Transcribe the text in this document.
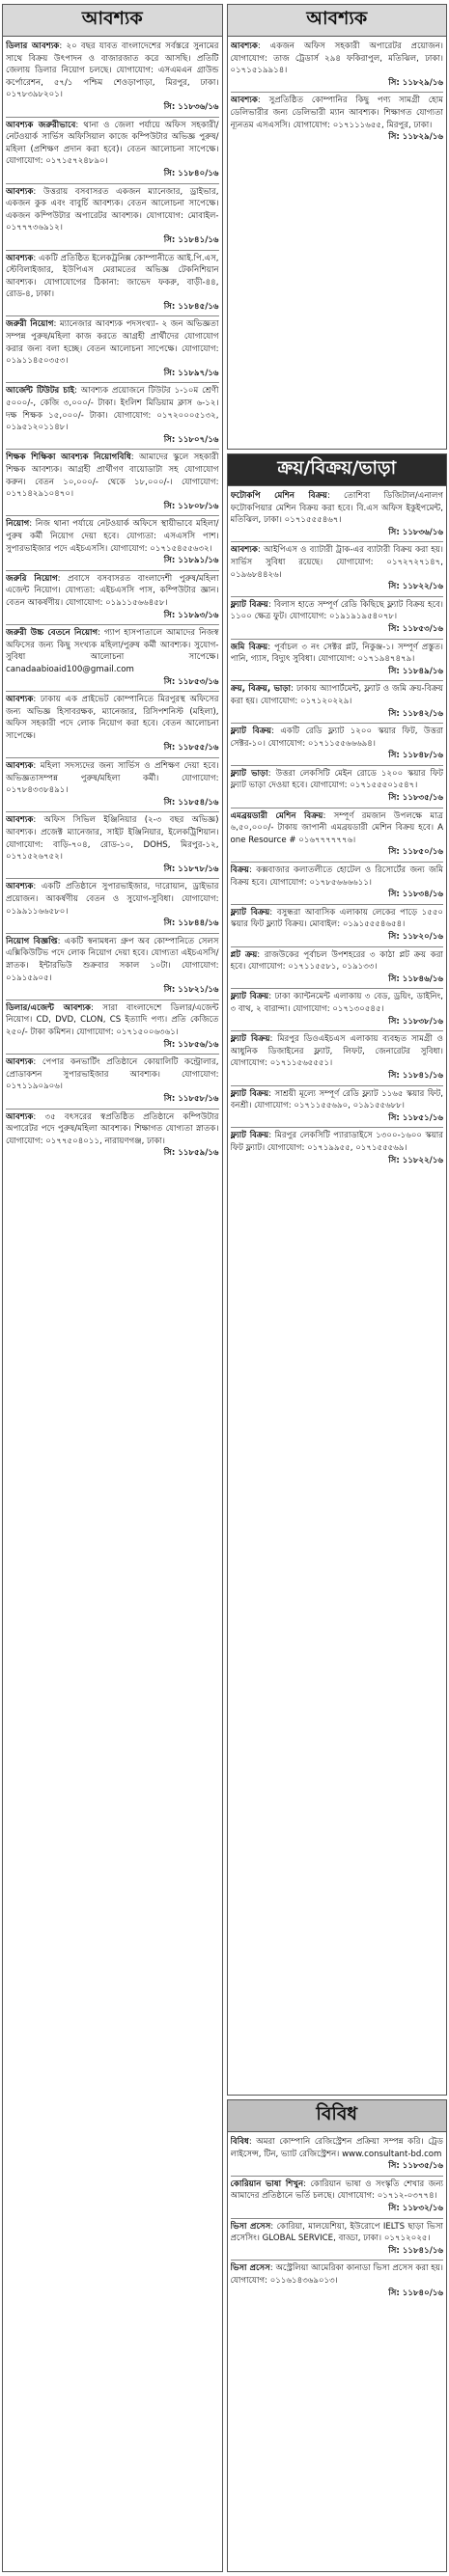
আবশ্যক
ডিলার আবশ্যক: ২০ বছর যাবত বাংলাদেশের সর্বস্তরে সুনামের সাথে বিক্রয় উৎপাদন ও বাজারজাত করে আসছি। প্রতিটি জেলায় ডিলার নিয়োগ চলছে। যোগাযোগ: এসএমএন গ্রাউন্ড কর্পোরেশন, ৫৭/১ পশ্চিম শেওড়াপাড়া, মিরপুর, ঢাকা। ০১৭৮৩৯৮২০১।
সি: ১১৮৩৬/১৬
আবশ্যক জরুরীভাবে: থানা ও জেলা পর্যায়ে অফিস সহকারী/নেটওয়ার্ক সার্ভিস অফিসিয়াল কাজে কম্পিউটার অভিজ্ঞ পুরুষ/মহিলা (প্রশিক্ষণ প্রদান করা হবে)। বেতন আলোচনা সাপেক্ষে। যোগাযোগ: ০১৭১৫৭২৪৮৯০।
সি: ১১৮৪০/১৬
আবশ্যক: উত্তরায় বসবাসরত একজন ম্যানেজার, ড্রাইভার, একজন কুক এবং বাবুর্চি আবশ্যক। বেতন আলোচনা সাপেক্ষে। একজন কম্পিউটার অপারেটর আবশ্যক। যোগাযোগ: মোবাইল- ০১৭৭৭৩৬৯১২।
সি: ১১৮৪১/১৬
আবশ্যক: একটি প্রতিষ্ঠিত ইলেকট্রনিক্স কোম্পানীতে আই.পি.এস, স্টেবিলাইজার, ইউপিএস মেরামতের অভিজ্ঞ টেকনিশিয়ান আবশ্যক। যোগাযোগের ঠিকানা: জাভেদ ফকরু, বাড়ী-৪৪, রোড-৪, ঢাকা।
সি: ১১৮৪৫/১৬
জরুরী নিয়োগ: ম্যানেজার আবশ্যক পদসংখ্যা- ২ জন অভিজ্ঞতা সম্পন্ন পুরুষ/মহিলা কাজ করতে আগ্রহী প্রার্থীদের যোগাযোগ করার জন্য বলা হচ্ছে। বেতন আলোচনা সাপেক্ষে। যোগাযোগ: ০১৯১১৪৫০৩৫৩।
সি: ১১৮৯৭/১৬
আর্জেন্ট টিউটর চাই: আবশ্যক প্রয়োজনে টিউটর ১-১০ম শ্রেণী ৫০০০/-, কেজি ৩,০০০/- টাকা। ইংলিশ মিডিয়াম ক্লাস ৬-১২। দক্ষ শিক্ষক ১৫,০০০/- টাকা। যোগাযোগ: ০১৭২০০০৫১৩২, ০১৯৫১২০১১৪৮।
সি: ১১৮০৭/১৬
শিক্ষক শিক্ষিকা আবশ্যক নিয়োগবিধি: আমাদের স্কুলে সহকারী শিক্ষক আবশ্যক। আগ্রহী প্রার্থীগণ বায়োডাটা সহ যোগাযোগ করুন। বেতন ১০,০০০/- থেকে ১৮,০০০/-। যোগাযোগ: ০১৭১৪২৯১০৪৭০।
সি: ১১৮০৮/১৬
নিয়োগ: নিজ থানা পর্যায়ে নেটওয়ার্ক অফিসে স্থায়ীভাবে মহিলা/পুরুষ কর্মী নিয়োগ দেয়া হবে। যোগ্যতা: এসএসসি পাশ। সুপারভাইজার পদে এইচএসসি। যোগাযোগ: ০১৭১৫৪৫৫৬৩২।
সি: ১১৮৯১/১৬
জরুরি নিয়োগ: প্রবাসে বসবাসরত বাংলাদেশী পুরুষ/মহিলা এজেন্ট নিয়োগ। যোগ্যতা: এইচএসসি পাস, কম্পিউটার জ্ঞান। বেতন আকর্ষণীয়। যোগাযোগ: ০১৯১১৫৬৬৪৫৮।
সি: ১১৮৯৩/১৬
জরুরী উচ্চ বেতনে নিয়োগ: গ্যাপ হাসপাতালে আমাদের নিজস্ব অফিসের জন্য কিছু সংখ্যক মহিলা/পুরুষ কর্মী আবশ্যক। সুযোগ-সুবিধা আলোচনা সাপেক্ষে। canadaabioaid100@gmail.com
সি: ১১৮৫৩/১৬
আবশ্যক: ঢাকায় এক প্রাইভেট কোম্পানিতে মিরপুরস্থ অফিসের জন্য অভিজ্ঞ হিসাবরক্ষক, ম্যানেজার, রিসিপশনিস্ট (মহিলা), অফিস সহকারী পদে লোক নিয়োগ করা হবে। বেতন আলোচনা সাপেক্ষে।
সি: ১১৮৫৫/১৬
আবশ্যক: মহিলা সদস্যদের জন্য সার্ভিস ও প্রশিক্ষণ দেয়া হবে। অভিজ্ঞতাসম্পন্ন পুরুষ/মহিলা কর্মী। যোগাযোগ: ০১৭৮৪৩৩৮৪৯১।
সি: ১১৮৫৪/১৬
আবশ্যক: অফিস সিভিল ইঞ্জিনিয়ার (২-৩ বছর অভিজ্ঞ) আবশ্যক। প্রজেক্ট ম্যানেজার, সাইট ইঞ্জিনিয়ার, ইলেকট্রিশিয়ান। যোগাযোগ: বাড়ি-৭০৪, রোড-১০, DOHS, মিরপুর-১২, ০১৭১৫২৬৭৫২।
সি: ১১৮৭৮/১৬
আবশ্যক: একটি প্রতিষ্ঠানে সুপারভাইজার, দারোয়ান, ড্রাইভার প্রয়োজন। আকর্ষণীয় বেতন ও সুযোগ-সুবিধা। যোগাযোগ: ০১৯৯১১৬৬৫৮০।
সি: ১১৮৪৪/১৬
নিয়োগ বিজ্ঞপ্তি: একটি স্বনামধন্য গ্রুপ অব কোম্পানিতে সেলস এক্সিকিউটিভ পদে লোক নিয়োগ দেয়া হবে। যোগ্যতা এইচএসসি/স্নাতক। ইন্টারভিউ শুক্রবার সকাল ১০টা। যোগাযোগ: ০১৯১৫৯০৫।
সি: ১১৮২১/১৬
ডিলার/এজেন্ট আবশ্যক: সারা বাংলাদেশে ডিলার/এজেন্ট নিয়োগ। CD, DVD, CLON, CS ইত্যাদি পণ্য। প্রতি কেজিতে ২৫০/- টাকা কমিশন। যোগাযোগ: ০১৭১৫০০৬৩৬১।
সি: ১১৮৫৬/১৬
আবশ্যক: পেপার কনভার্টিং প্রতিষ্ঠানে কোয়ালিটি কন্ট্রোলার, প্রোডাকশন সুপারভাইজার আবশ্যক। যোগাযোগ: ০১৭১১৯০৯০৬।
সি: ১১৮৫৮/১৬
আবশ্যক: ৩৫ বৎসরের স্বপ্রতিষ্ঠিত প্রতিষ্ঠানে কম্পিউটার অপারেটর পদে পুরুষ/মহিলা আবশ্যক। শিক্ষাগত যোগ্যতা স্নাতক। যোগাযোগ: ০১৭৭৫০৪০১১, নারায়ণগঞ্জ, ঢাকা।
সি: ১১৮৫৯/১৬
আবশ্যক
আবশ্যক: একজন অফিস সহকারী অপারেটর প্রয়োজন। যোগাযোগ: তাজ ট্রেডার্স ২৯৪ ফকিরাপুল, মতিঝিল, ঢাকা। ০১৭১৫১৯৯১৪।
সি: ১১৮২৯/১৬
আবশ্যক: সুপ্রতিষ্ঠিত কোম্পানির কিছু পণ্য সামগ্রী হোম ডেলিভারীর জন্য ডেলিভারী ম্যান আবশ্যক। শিক্ষাগত যোগ্যতা ন্যূনতম এসএসসি। যোগাযোগ: ০১৭১১১৬৫৫, মিরপুর, ঢাকা।
সি: ১১৮২৯/১৬
ক্রয়/বিক্রয়/ভাড়া
ফটোকপি মেশিন বিক্রয়: তোশিবা ডিজিটাল/এনালগ ফটোকপিয়ার মেশিন বিক্রয় করা হবে। বি.এস অফিস ইকুইপমেন্ট, মতিঝিল, ঢাকা। ০১৭১৫৫৫৪৬৭।
সি: ১১৮৩৬/১৬
আবশ্যক: আইপিএস ও ব্যাটারী ট্রাক-এর ব্যাটারী বিক্রয় করা হয়। সার্ভিস সুবিধা রয়েছে। যোগাযোগ: ০১৭২৭২৭১৪৭, ০১৯৬৮৪৪২৬।
সি: ১১৮২২/১৬
ফ্ল্যাট বিক্রয়: বিলাস হাতে সম্পূর্ণ রেডি কিছিছে ফ্ল্যাট বিক্রয় হবে। ১১০০ ক্ষেত্র ফুট। যোগাযোগ: ০১৯১৯১৯৫৪০৭৮।
সি: ১১৮৫৩/১৬
জমি বিক্রয়: পূর্বাচল ৩ নং সেক্টর প্লট, নিকুঞ্জ-১। সম্পূর্ণ প্রস্তুত। পানি, গ্যাস, বিদ্যুৎ সুবিধা। যোগাযোগ: ০১৭১৯৪৭৪৭৯।
সি: ১১৮৪৯/১৬
ক্রয়, বিক্রয়, ভাড়া: ঢাকায় অ্যাপার্টমেন্ট, ফ্ল্যাট ও জমি ক্রয়-বিক্রয় করা হয়। যোগাযোগ: ০১৭১২০২২৯।
সি: ১১৮৪২/১৬
ফ্ল্যাট বিক্রয়: একটি রেডি ফ্ল্যাট ১২০০ স্কয়ার ফিট, উত্তরা সেক্টর-১০। যোগাযোগ: ০১৭১১৫৫৬৬৬৯৪।
সি: ১১৮৪৮/১৬
ফ্ল্যাট ভাড়া: উত্তরা লেকসিটি মেইন রোডে ১২০০ স্কয়ার ফিট ফ্ল্যাট ভাড়া দেওয়া হবে। যোগাযোগ: ০১৭১৫৫৫০১৫৪৭।
সি: ১১৮৩৫/১৬
এমব্রয়ডারী মেশিন বিক্রয়: সম্পূর্ণ রমজান উপলক্ষে মাত্র ৬,৫০,০০০/- টাকায় জাপানী এমব্রয়ডারী মেশিন বিক্রয় হবে। A one Resource # ০১৬৭৭৭৭৭৭৬।
সি: ১১৮৫০/১৬
বিক্রয়: কক্সবাজার কলাতলীতে হোটেল ও রিসোর্টের জন্য জমি বিক্রয় হবে। যোগাযোগ: ০১৭৮৫৬৬৬৬১১।
সি: ১১৮৩৪/১৬
ফ্ল্যাট বিক্রয়: বসুন্ধরা আবাসিক এলাকায় লেকের পাড়ে ১৫৫০ স্কয়ার ফিট ফ্ল্যাট বিক্রয়। মোবাইল: ০১৯১৫৫৫৪৬৫৪।
সি: ১১৮২০/১৬
প্লট ক্রয়: রাজউকের পূর্বাচল উপশহরের ৩ কাঠা প্লট ক্রয় করা হবে। যোগাযোগ: ০১৭১১৫৫৮১, ০১৯১৩৩।
সি: ১১৮৪৬/১৬
ফ্ল্যাট বিক্রয়: ঢাকা ক্যান্টনমেন্ট এলাকায় ৩ বেড, ড্রয়িং, ডাইনিং, ৩ বাথ, ২ বারান্দা। যোগাযোগ: ০১৭১৩০৫৪৫।
সি: ১১৮৩৮/১৬
ফ্ল্যাট বিক্রয়: মিরপুর ডিওএইচএস এলাকায় ব্যবহৃত সামগ্রী ও আধুনিক ডিজাইনের ফ্ল্যাট, লিফট, জেনারেটর সুবিধা। যোগাযোগ: ০১৭১১৫৬৫৫৫১।
সি: ১১৮৪১/১৬
ফ্ল্যাট বিক্রয়: সাশ্রয়ী মূল্যে সম্পূর্ণ রেডি ফ্ল্যাট ১১৬৫ স্কয়ার ফিট, বনশ্রী। যোগাযোগ: ০১৭১১৫৫৬৯০, ০১৯১৫৫৬৮৮।
সি: ১১৮৫১/১৬
ফ্ল্যাট বিক্রয়: মিরপুর লেকসিটি প্যারাডাইসে ১৩০০-১৬০০ স্কয়ার ফিট ফ্ল্যাট। যোগাযোগ: ০১৭১৯৯৫৫, ০১৭১৫৫৫৬৯।
সি: ১১৮২২/১৬
বিবিধ
বিবিধ: অমরা কোম্পানি রেজিস্ট্রেশন প্রক্রিয়া সম্পন্ন করি। ট্রেড লাইসেন্স, টিন, ভ্যাট রেজিস্ট্রেশন। www.consultant-bd.com
সি: ১১৮৩৫/১৬
কোরিয়ান ভাষা শিখুন: কোরিয়ান ভাষা ও সংস্কৃতি শেখার জন্য আমাদের প্রতিষ্ঠানে ভর্তি চলছে। যোগাযোগ: ০১৭১২-০৩৭৭৪।
সি: ১১৮৩২/১৬
ভিসা প্রসেস: কোরিয়া, মালয়েশিয়া, ইউরোপে IELTS ছাড়া ভিসা প্রসেসিং। GLOBAL SERVICE, বাড্ডা, ঢাকা। ০১৭১২০২৫।
সি: ১১৮৪১/১৬
ভিসা প্রসেস: অস্ট্রেলিয়া আমেরিকা কানাডা ভিসা প্রসেস করা হয়। যোগাযোগ: ০১১৬১৪৩৬৯০১৩।
সি: ১১৮৪০/১৬
